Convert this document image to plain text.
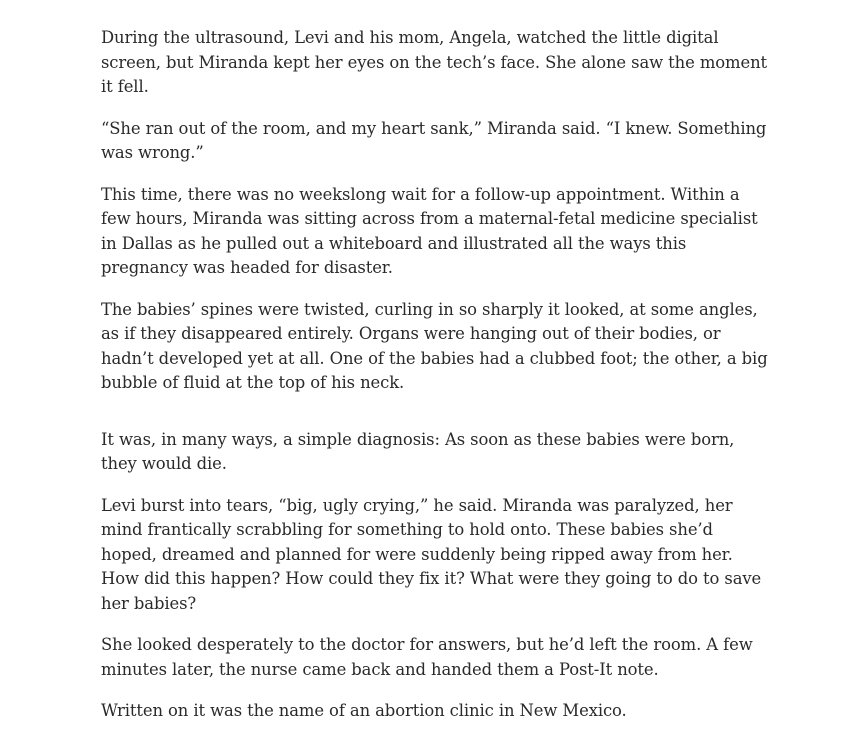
During the ultrasound, Levi and his mom, Angela, watched the little digital screen, but Miranda kept her eyes on the tech’s face. She alone saw the moment it fell.

“She ran out of the room, and my heart sank,” Miranda said. “I knew. Something was wrong.”

This time, there was no weekslong wait for a follow-up appointment. Within a few hours, Miranda was sitting across from a maternal-fetal medicine specialist in Dallas as he pulled out a whiteboard and illustrated all the ways this pregnancy was headed for disaster.

The babies’ spines were twisted, curling in so sharply it looked, at some angles, as if they disappeared entirely. Organs were hanging out of their bodies, or hadn’t developed yet at all. One of the babies had a clubbed foot; the other, a big bubble of fluid at the top of his neck.

It was, in many ways, a simple diagnosis: As soon as these babies were born, they would die.

Levi burst into tears, “big, ugly crying,” he said. Miranda was paralyzed, her mind frantically scrabbling for something to hold onto. These babies she’d hoped, dreamed and planned for were suddenly being ripped away from her. How did this happen? How could they fix it? What were they going to do to save her babies?

She looked desperately to the doctor for answers, but he’d left the room. A few minutes later, the nurse came back and handed them a Post-It note.

Written on it was the name of an abortion clinic in New Mexico.
